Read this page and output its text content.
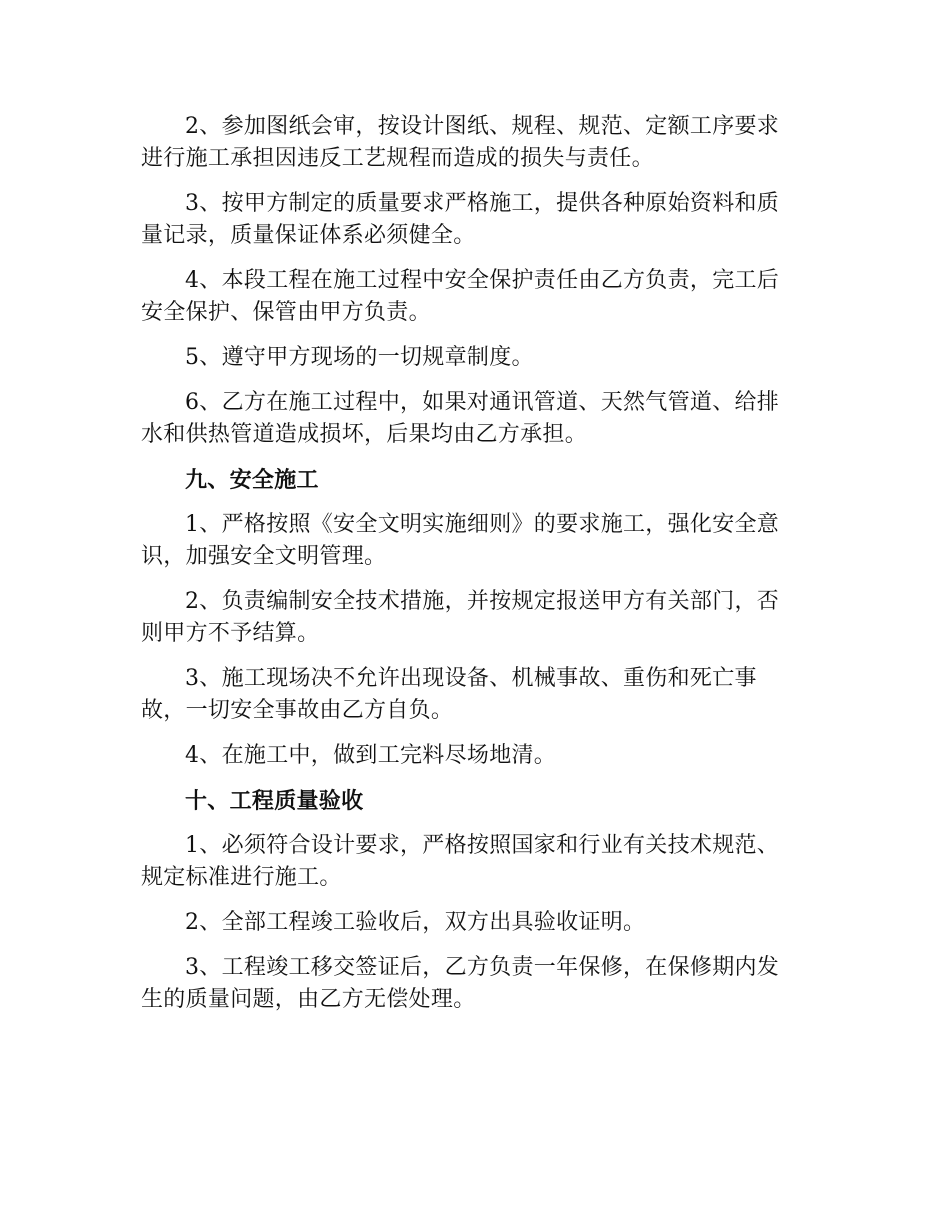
2、参加图纸会审，按设计图纸、规程、规范、定额工序要求进行施工承担因违反工艺规程而造成的损失与责任。

3、按甲方制定的质量要求严格施工，提供各种原始资料和质量记录，质量保证体系必须健全。

4、本段工程在施工过程中安全保护责任由乙方负责，完工后安全保护、保管由甲方负责。

5、遵守甲方现场的一切规章制度。

6、乙方在施工过程中，如果对通讯管道、天然气管道、给排水和供热管道造成损坏，后果均由乙方承担。

九、安全施工

1、严格按照《安全文明实施细则》的要求施工，强化安全意识，加强安全文明管理。

2、负责编制安全技术措施，并按规定报送甲方有关部门，否则甲方不予结算。

3、施工现场决不允许出现设备、机械事故、重伤和死亡事故，一切安全事故由乙方自负。

4、在施工中，做到工完料尽场地清。

十、工程质量验收

1、必须符合设计要求，严格按照国家和行业有关技术规范、规定标准进行施工。

2、全部工程竣工验收后，双方出具验收证明。

3、工程竣工移交签证后，乙方负责一年保修，在保修期内发生的质量问题，由乙方无偿处理。
